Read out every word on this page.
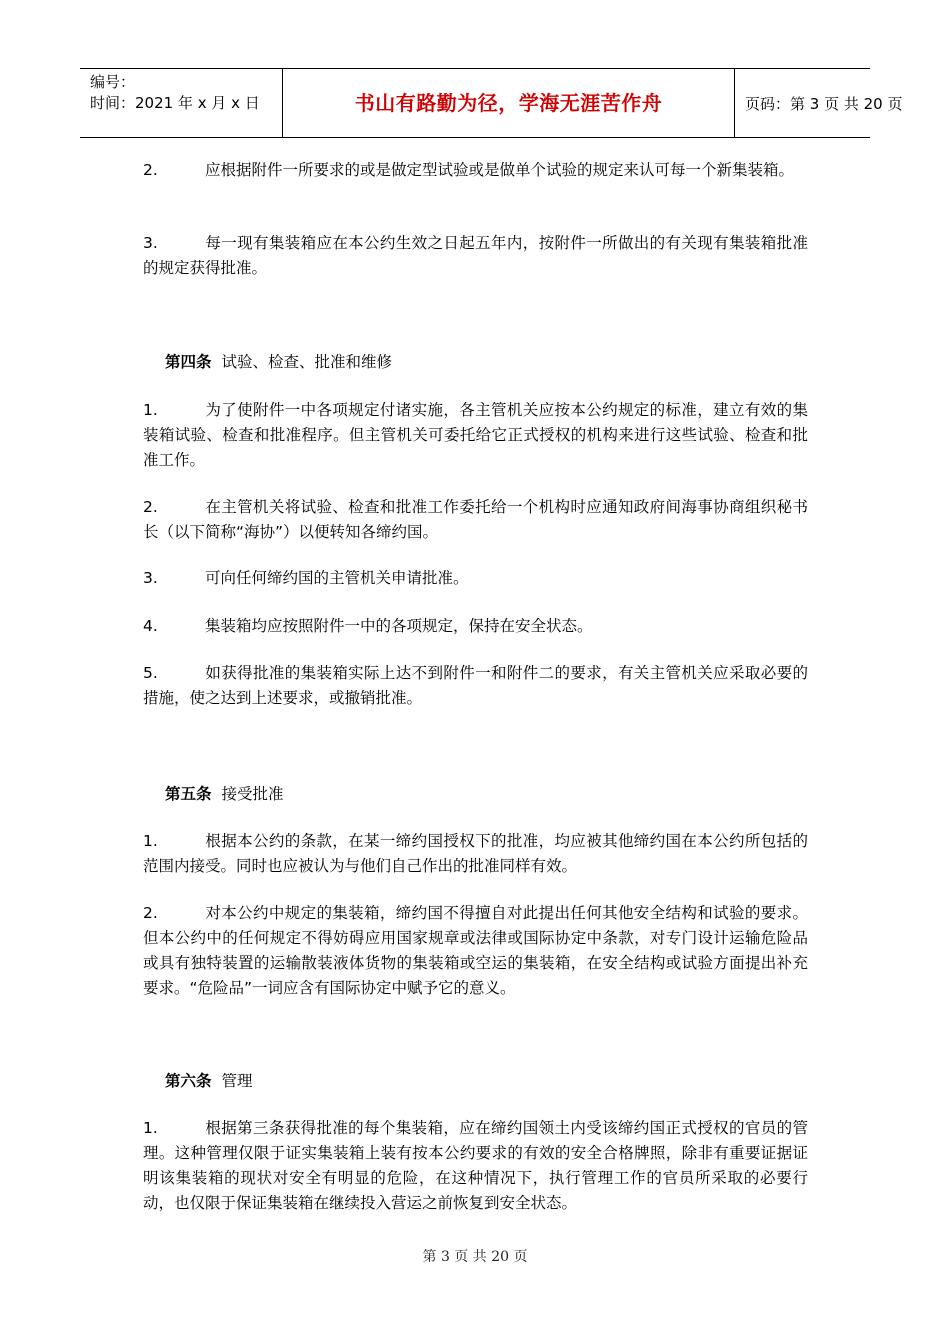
编号：
时间：2021 年 x 月 x 日	书山有路勤为径，学海无涯苦作舟	页码：第 3 页 共 20 页
2.	应根据附件一所要求的或是做定型试验或是做单个试验的规定来认可每一个新集装箱。
3.	每一现有集装箱应在本公约生效之日起五年内，按附件一所做出的有关现有集装箱批准的规定获得批准。
第四条 试验、检查、批准和维修
1.	为了使附件一中各项规定付诸实施，各主管机关应按本公约规定的标准，建立有效的集装箱试验、检查和批准程序。但主管机关可委托给它正式授权的机构来进行这些试验、检查和批准工作。
2.	在主管机关将试验、检查和批准工作委托给一个机构时应通知政府间海事协商组织秘书长（以下简称“海协”）以便转知各缔约国。
3.	可向任何缔约国的主管机关申请批准。
4.	集装箱均应按照附件一中的各项规定，保持在安全状态。
5.	如获得批准的集装箱实际上达不到附件一和附件二的要求，有关主管机关应采取必要的措施，使之达到上述要求，或撤销批准。
第五条 接受批准
1.	根据本公约的条款，在某一缔约国授权下的批准，均应被其他缔约国在本公约所包括的范围内接受。同时也应被认为与他们自己作出的批准同样有效。
2.	对本公约中规定的集装箱，缔约国不得擅自对此提出任何其他安全结构和试验的要求。但本公约中的任何规定不得妨碍应用国家规章或法律或国际协定中条款，对专门设计运输危险品或具有独特装置的运输散装液体货物的集装箱或空运的集装箱，在安全结构或试验方面提出补充要求。“危险品”一词应含有国际协定中赋予它的意义。
第六条 管理
1.	根据第三条获得批准的每个集装箱，应在缔约国领土内受该缔约国正式授权的官员的管理。这种管理仅限于证实集装箱上装有按本公约要求的有效的安全合格牌照，除非有重要证据证明该集装箱的现状对安全有明显的危险，在这种情况下，执行管理工作的官员所采取的必要行动，也仅限于保证集装箱在继续投入营运之前恢复到安全状态。
第 3 页 共 20 页
